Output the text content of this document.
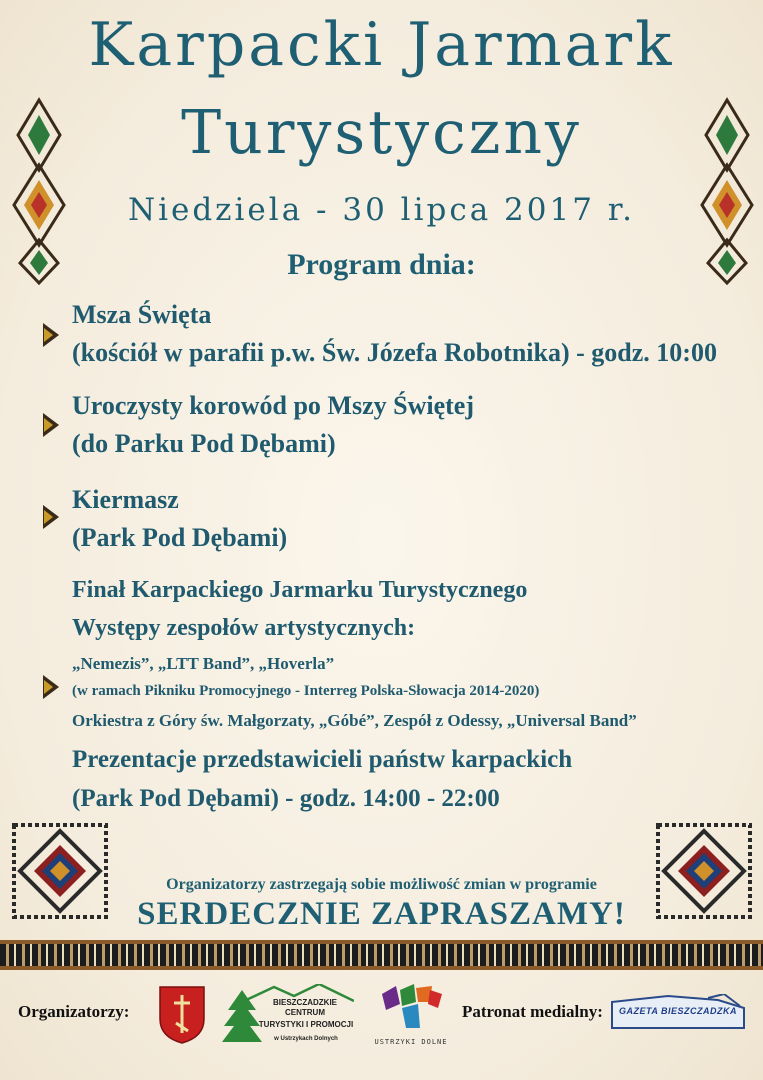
Karpacki Jarmark
Turystyczny
Niedziela - 30 lipca 2017 r.
Program dnia:
Msza Święta
(kościół w parafii p.w. Św. Józefa Robotnika) - godz. 10:00
Uroczysty korowód po Mszy Świętej
(do Parku Pod Dębami)
Kiermasz
(Park Pod Dębami)
Finał Karpackiego Jarmarku Turystycznego
Występy zespołów artystycznych:
„Nemezis”, „LTT Band”, „Hoverla”
(w ramach Pikniku Promocyjnego - Interreg Polska-Słowacja 2014-2020)
Orkiestra z Góry św. Małgorzaty, „Góbé”, Zespół z Odessy, „Universal Band”
Prezentacje przedstawicieli państw karpackich
(Park Pod Dębami) - godz. 14:00 - 22:00
Organizatorzy zastrzegają sobie możliwość zmian w programie
SERDECZNIE ZAPRASZAMY!
Organizatorzy:	BIESZCZADZKIE
CENTRUM
TURYSTYKI I PROMOCJI
w Ustrzykach Dolnych	USTRZYKI DOLNE
Patronat medialny:	GAZETA BIESZCZADZKA
